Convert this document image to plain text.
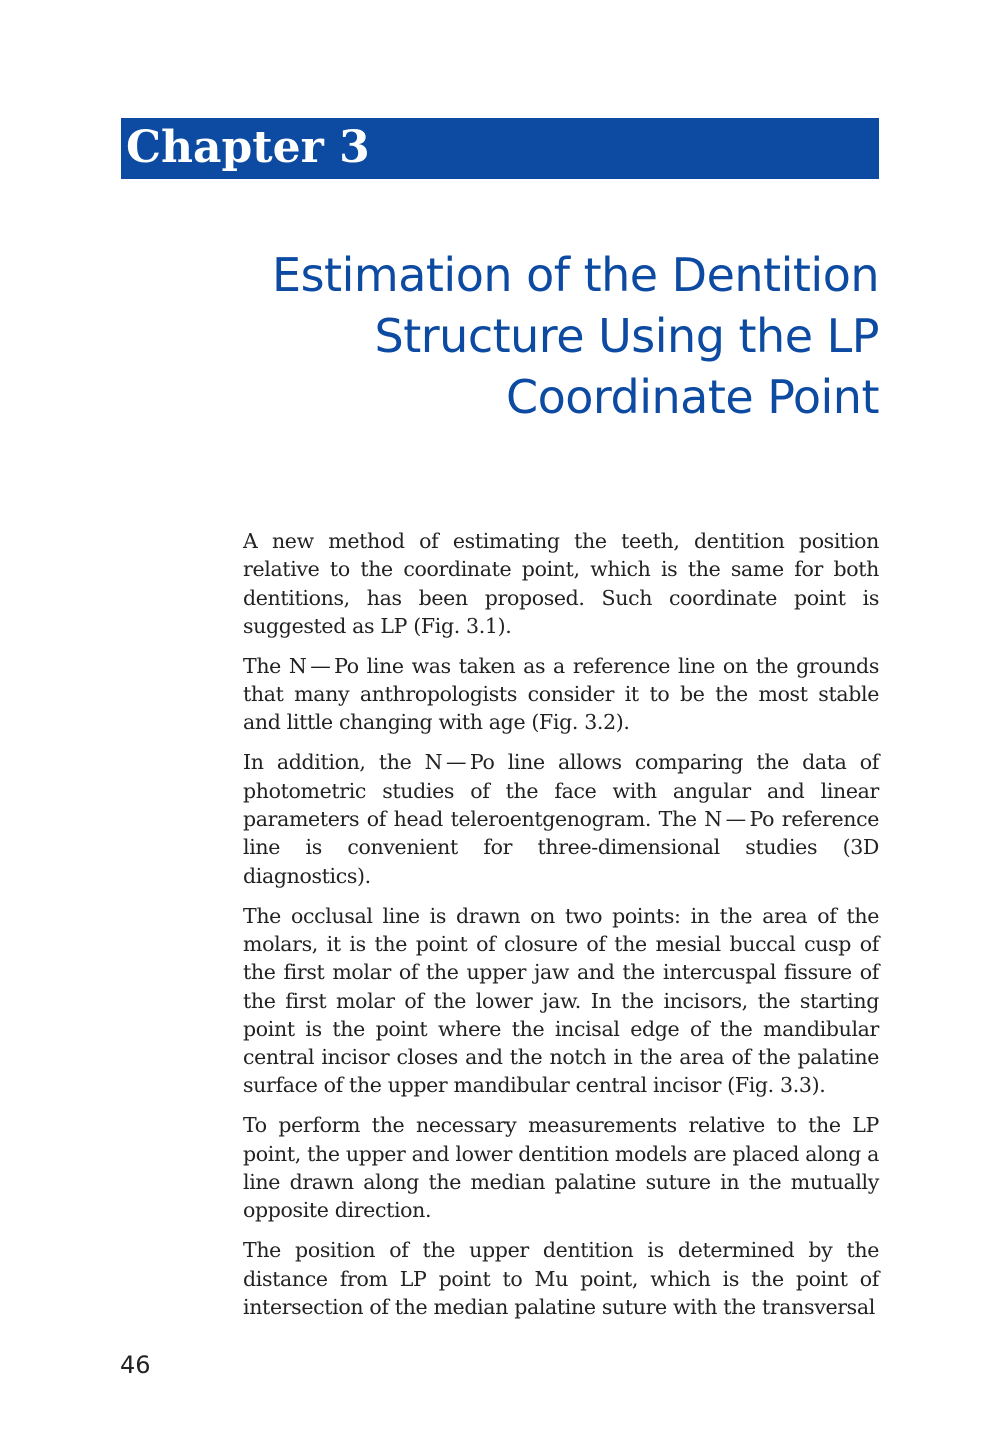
Chapter 3
Estimation of the Dentition
Structure Using the LP
Coordinate Point

A new method of estimating the teeth, dentition position relative to the coordinate point, which is the same for both dentitions, has been proposed. Such coordinate point is suggested as LP (Fig. 3.1).

The N — Po line was taken as a reference line on the grounds that many anthropologists consider it to be the most stable and little changing with age (Fig. 3.2).

In addition, the N — Po line allows comparing the data of photometric studies of the face with angular and linear parameters of head teleroentgenogram. The N — Po reference line is convenient for three-dimensional studies (3D diagnostics).

The occlusal line is drawn on two points: in the area of the molars, it is the point of closure of the mesial buccal cusp of the first molar of the upper jaw and the intercuspal fissure of the first molar of the lower jaw. In the incisors, the starting point is the point where the incisal edge of the mandibular central incisor closes and the notch in the area of the palatine surface of the upper mandibular central incisor (Fig. 3.3).

To perform the necessary measurements relative to the LP point, the upper and lower dentition models are placed along a line drawn along the median palatine suture in the mutually opposite direction.

The position of the upper dentition is determined by the distance from LP point to Mu point, which is the point of intersection of the median palatine suture with the transversal

46
